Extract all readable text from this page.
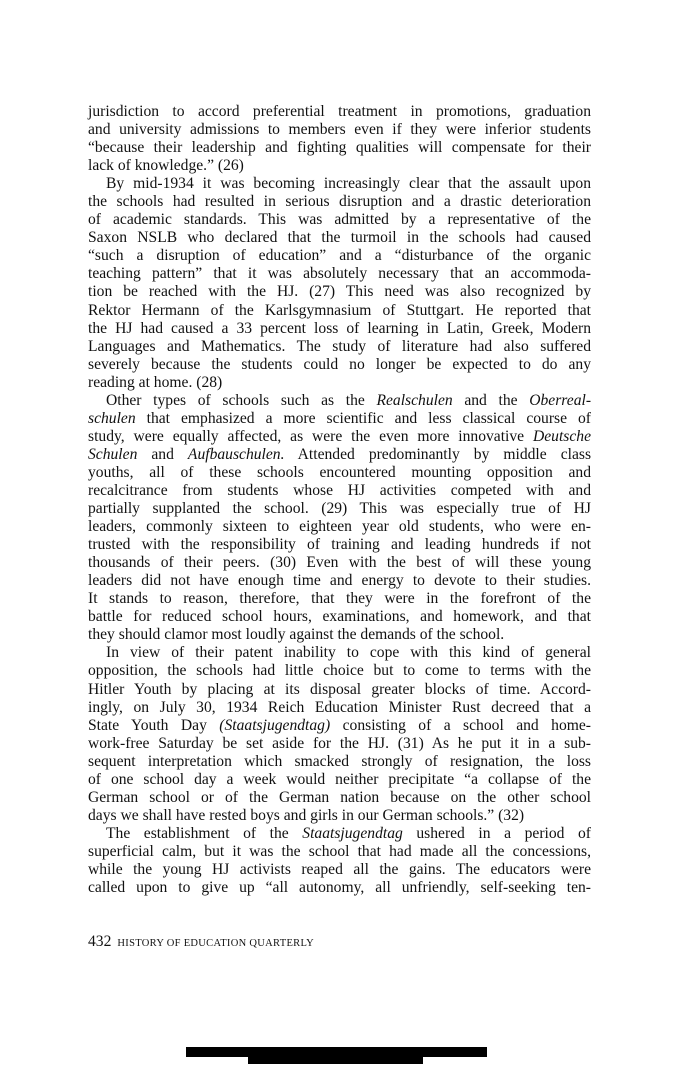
jurisdiction to accord preferential treatment in promotions, graduation
and university admissions to members even if they were inferior students
“because their leadership and fighting qualities will compensate for their
lack of knowledge.” (26)
By mid-1934 it was becoming increasingly clear that the assault upon
the schools had resulted in serious disruption and a drastic deterioration
of academic standards. This was admitted by a representative of the
Saxon NSLB who declared that the turmoil in the schools had caused
“such a disruption of education” and a “disturbance of the organic
teaching pattern” that it was absolutely necessary that an accommoda-
tion be reached with the HJ. (27) This need was also recognized by
Rektor Hermann of the Karlsgymnasium of Stuttgart. He reported that
the HJ had caused a 33 percent loss of learning in Latin, Greek, Modern
Languages and Mathematics. The study of literature had also suffered
severely because the students could no longer be expected to do any
reading at home. (28)
Other types of schools such as the Realschulen and the Oberreal-
schulen that emphasized a more scientific and less classical course of
study, were equally affected, as were the even more innovative Deutsche
Schulen and Aufbauschulen. Attended predominantly by middle class
youths, all of these schools encountered mounting opposition and
recalcitrance from students whose HJ activities competed with and
partially supplanted the school. (29) This was especially true of HJ
leaders, commonly sixteen to eighteen year old students, who were en-
trusted with the responsibility of training and leading hundreds if not
thousands of their peers. (30) Even with the best of will these young
leaders did not have enough time and energy to devote to their studies.
It stands to reason, therefore, that they were in the forefront of the
battle for reduced school hours, examinations, and homework, and that
they should clamor most loudly against the demands of the school.
In view of their patent inability to cope with this kind of general
opposition, the schools had little choice but to come to terms with the
Hitler Youth by placing at its disposal greater blocks of time. Accord-
ingly, on July 30, 1934 Reich Education Minister Rust decreed that a
State Youth Day (Staatsjugendtag) consisting of a school and home-
work-free Saturday be set aside for the HJ. (31) As he put it in a sub-
sequent interpretation which smacked strongly of resignation, the loss
of one school day a week would neither precipitate “a collapse of the
German school or of the German nation because on the other school
days we shall have rested boys and girls in our German schools.” (32)
The establishment of the Staatsjugendtag ushered in a period of
superficial calm, but it was the school that had made all the concessions,
while the young HJ activists reaped all the gains. The educators were
called upon to give up “all autonomy, all unfriendly, self-seeking ten-
432 HISTORY OF EDUCATION QUARTERLY
